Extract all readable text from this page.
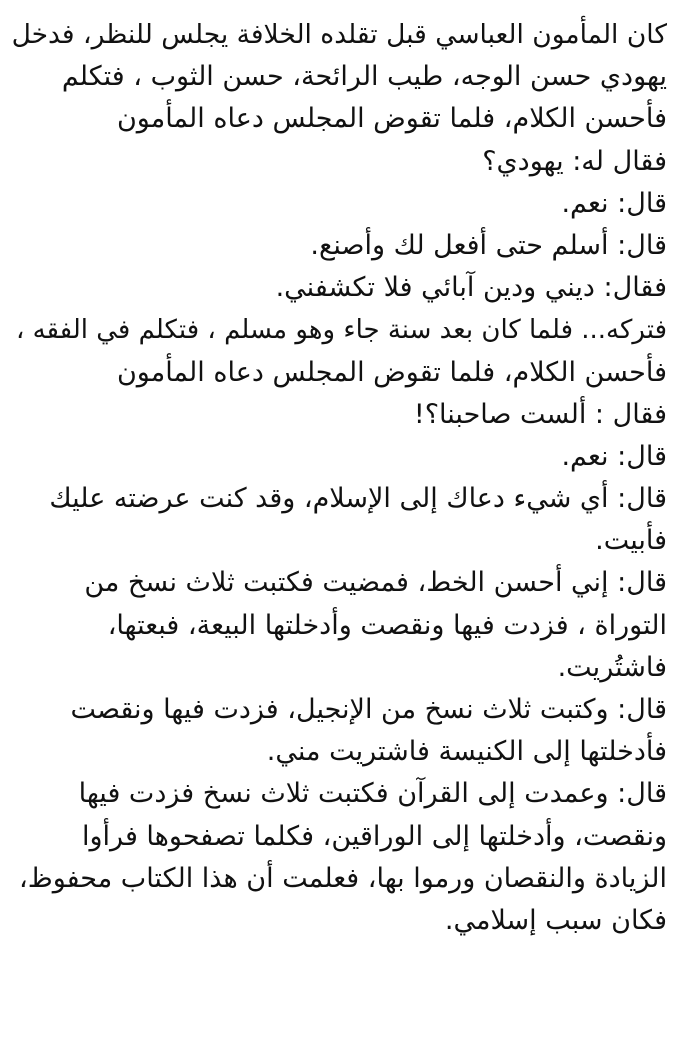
كان المأمون العباسي قبل تقلده الخلافة يجلس للنظر، فدخل
يهودي حسن الوجه، طيب الرائحة، حسن الثوب ، فتكلم
فأحسن الكلام، فلما تقوض المجلس دعاه المأمون
فقال له: يهودي؟
قال: نعم.
قال: أسلم حتى أفعل لك وأصنع.
فقال: ديني ودين آبائي فلا تكشفني.
فتركه... فلما كان بعد سنة جاء وهو مسلم ، فتكلم في الفقه ،
فأحسن الكلام، فلما تقوض المجلس دعاه المأمون
فقال : ألست صاحبنا؟!
قال: نعم.
قال: أي شيء دعاك إلى الإسلام، وقد كنت عرضته عليك
فأبيت.
قال: إني أحسن الخط، فمضيت فكتبت ثلاث نسخ من
التوراة ، فزدت فيها ونقصت وأدخلتها البيعة، فبعتها،
فاشتُريت.
قال: وكتبت ثلاث نسخ من الإنجيل، فزدت فيها ونقصت
فأدخلتها إلى الكنيسة فاشتريت مني.
قال: وعمدت إلى القرآن فكتبت ثلاث نسخ فزدت فيها
ونقصت، وأدخلتها إلى الوراقين، فكلما تصفحوها فرأوا
الزيادة والنقصان ورموا بها، فعلمت أن هذا الكتاب محفوظ،
فكان سبب إسلامي.
